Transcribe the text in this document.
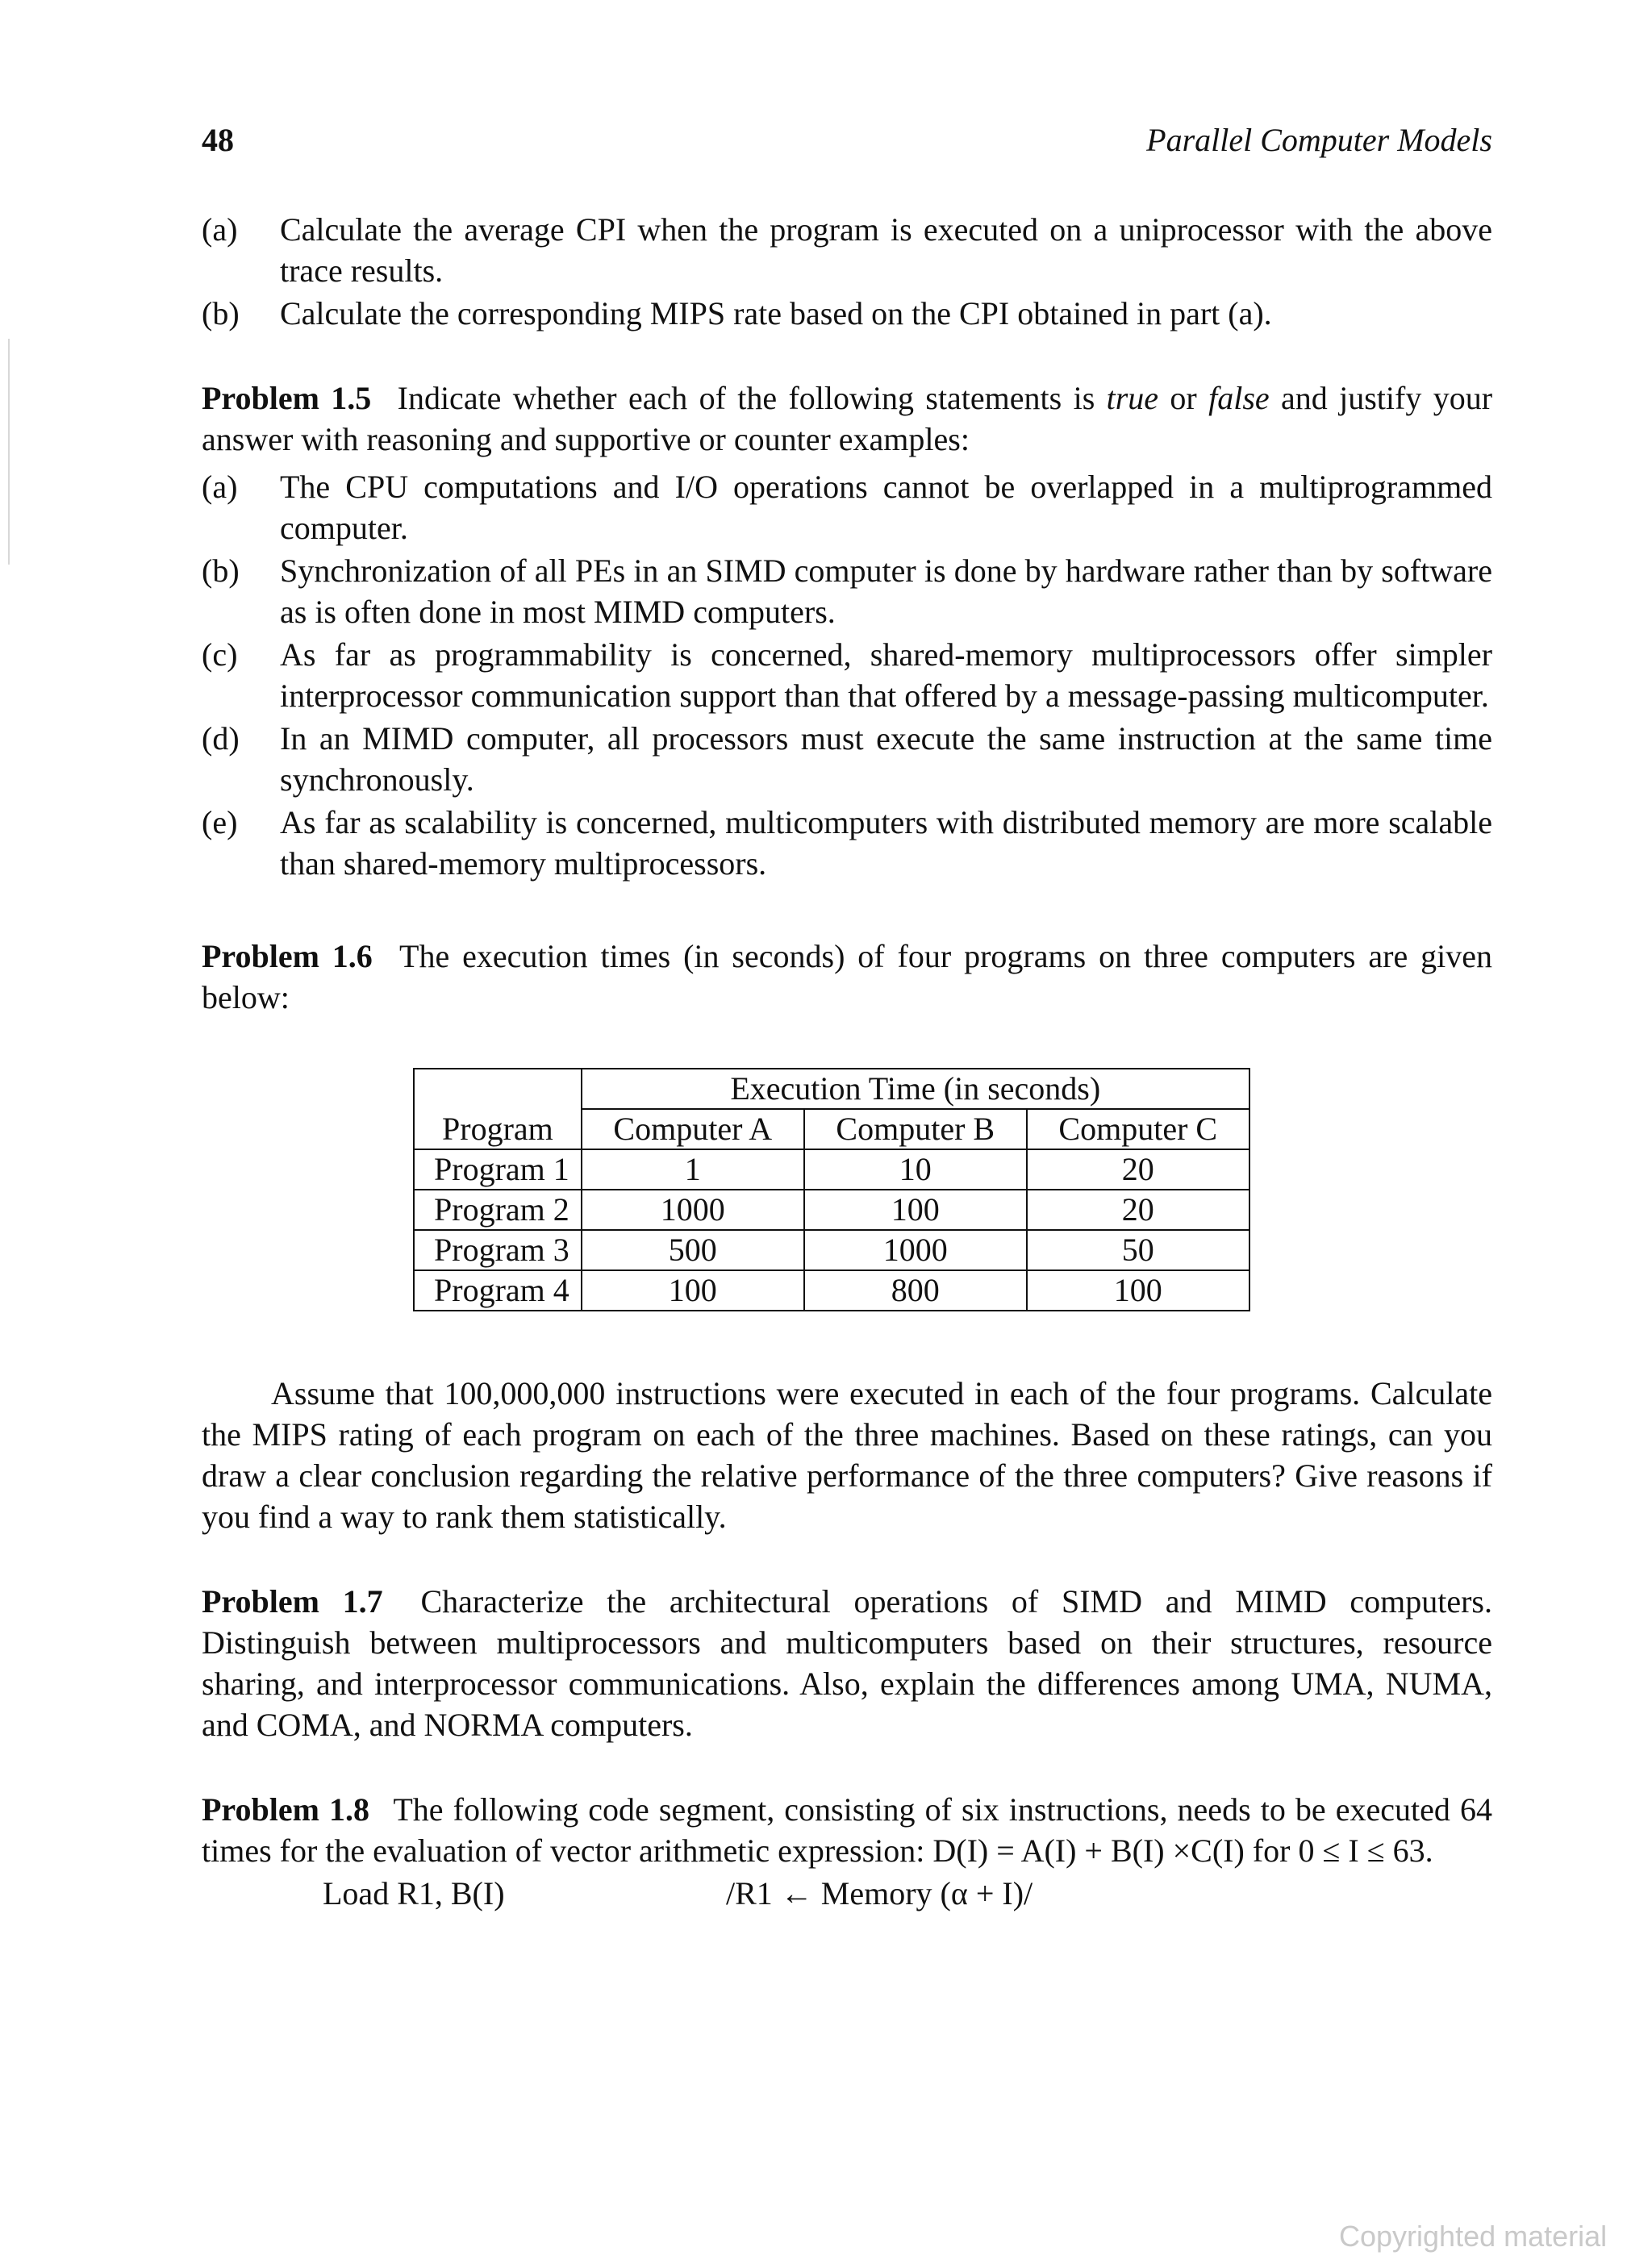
48	Parallel Computer Models
(a)	Calculate the average CPI when the program is executed on a uniprocessor with the above trace results.
(b)	Calculate the corresponding MIPS rate based on the CPI obtained in part (a).
Problem 1.5 Indicate whether each of the following statements is true or false and justify your answer with reasoning and supportive or counter examples:
(a)	The CPU computations and I/O operations cannot be overlapped in a multiprogrammed computer.
(b)	Synchronization of all PEs in an SIMD computer is done by hardware rather than by software as is often done in most MIMD computers.
(c)	As far as programmability is concerned, shared-memory multiprocessors offer simpler interprocessor communication support than that offered by a message-passing multicomputer.
(d)	In an MIMD computer, all processors must execute the same instruction at the same time synchronously.
(e)	As far as scalability is concerned, multicomputers with distributed memory are more scalable than shared-memory multiprocessors.
Problem 1.6 The execution times (in seconds) of four programs on three computers are given below:
	Execution Time (in seconds)		
Program	Computer A	Computer B	Computer C
Program 1	1	10	20
Program 2	1000	100	20
Program 3	500	1000	50
Program 4	100	800	100
Assume that 100,000,000 instructions were executed in each of the four programs. Calculate the MIPS rating of each program on each of the three machines. Based on these ratings, can you draw a clear conclusion regarding the relative performance of the three computers? Give reasons if you find a way to rank them statistically.
Problem 1.7 Characterize the architectural operations of SIMD and MIMD computers. Distinguish between multiprocessors and multicomputers based on their structures, resource sharing, and interprocessor communications. Also, explain the differences among UMA, NUMA, and COMA, and NORMA computers.
Problem 1.8 The following code segment, consisting of six instructions, needs to be executed 64 times for the evaluation of vector arithmetic expression: D(I) = A(I) + B(I) ×C(I) for 0 ≤ I ≤ 63.
Load R1, B(I)	/R1 ← Memory (α + I)/
Copyrighted material
